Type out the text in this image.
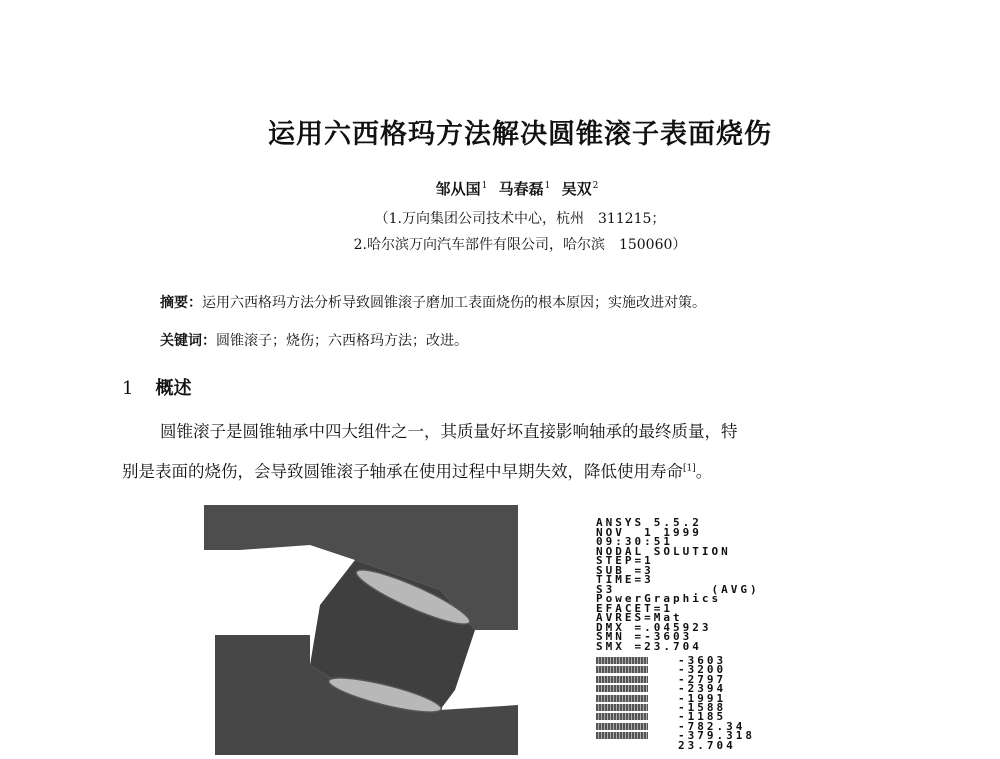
运用六西格玛方法解决圆锥滚子表面烧伤
邹从国$^1$ 马春磊$^1$ 吴双$^2$
（1.万向集团公司技术中心，杭州　311215；
2.哈尔滨万向汽车部件有限公司，哈尔滨　150060）
摘要：运用六西格玛方法分析导致圆锥滚子磨加工表面烧伤的根本原因；实施改进对策。
关键词：圆锥滚子；烧伤；六西格玛方法；改进。
1 概述
圆锥滚子是圆锥轴承中四大组件之一，其质量好坏直接影响轴承的最终质量，特
别是表面的烧伤，会导致圆锥滚子轴承在使用过程中早期失效，降低使用寿命[1]。
ANSYS 5.5.2
NOV  1 1999
09:30:51
NODAL SOLUTION
STEP=1
SUB =3
TIME=3
S3          (AVG)
PowerGraphics
EFACET=1
AVRES=Mat
DMX =.045923
SMN =-3603
SMX =23.704
-3603
-3200
-2797
-2394
-1991
-1588
-1185
-782.34
-379.318
23.704
